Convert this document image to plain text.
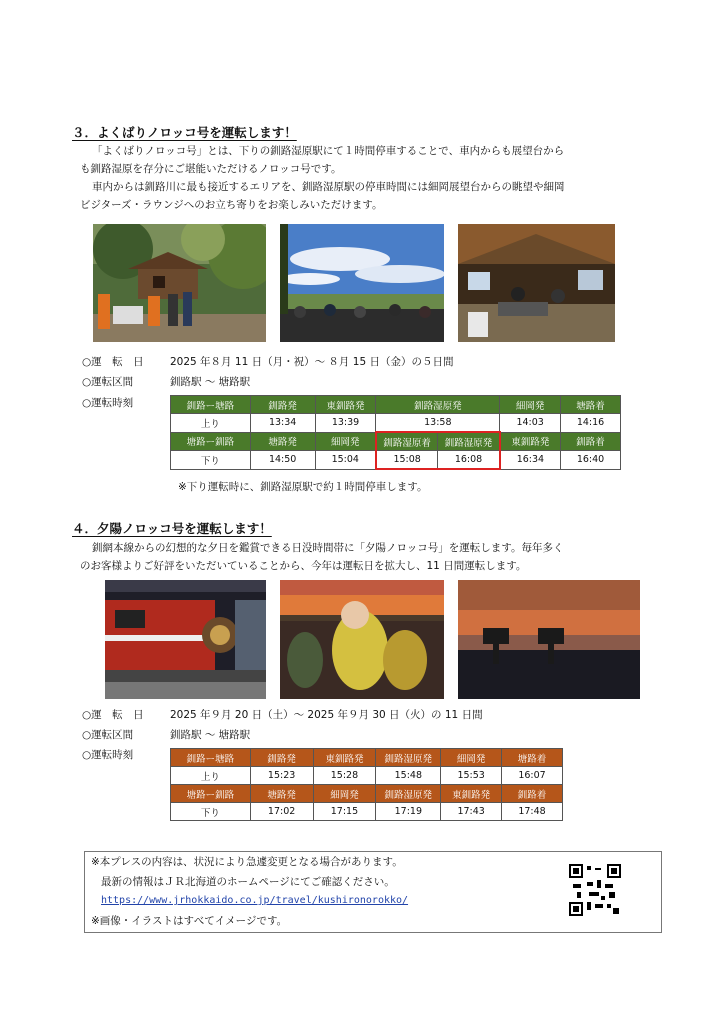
３．よくばりノロッコ号を運転します！
「よくばりノロッコ号」とは、下りの釧路湿原駅にて１時間停車することで、車内からも展望台から
も釧路湿原を存分にご堪能いただけるノロッコ号です。
車内からは釧路川に最も接近するエリアを、釧路湿原駅の停車時間には細岡展望台からの眺望や細岡
ビジターズ・ラウンジへのお立ち寄りをお楽しみいただけます。
○運　転　日	2025 年８月 11 日（月・祝）～ ８月 15 日（金）の５日間
○運転区間	釧路駅 〜 塘路駅
○運転時刻	釧路ー塘路	釧路発	東釧路発	釧路湿原発		細岡発	塘路着
上り	13:34	13:39	13:58		14:03	14:16
塘路ー釧路	塘路発	細岡発	釧路湿原着	釧路湿原発	東釧路発	釧路着
下り	14:50	15:04	15:08	16:08	16:34	16:40
※下り運転時に、釧路湿原駅で約１時間停車します。
４．夕陽ノロッコ号を運転します！
釧網本線からの幻想的な夕日を鑑賞できる日没時間帯に「夕陽ノロッコ号」を運転します。毎年多く
のお客様よりご好評をいただいていることから、今年は運転日を拡大し、11 日間運転します。
○運　転　日	2025 年９月 20 日（土）～ 2025 年９月 30 日（火）の 11 日間
○運転区間	釧路駅 〜 塘路駅
○運転時刻	釧路ー塘路	釧路発	東釧路発	釧路湿原発	細岡発	塘路着
上り	15:23	15:28	15:48	15:53	16:07
塘路ー釧路	塘路発	細岡発	釧路湿原発	東釧路発	釧路着
下り	17:02	17:15	17:19	17:43	17:48
※本プレスの内容は、状況により急遽変更となる場合があります。
最新の情報はＪＲ北海道のホームページにてご確認ください。
https://www.jrhokkaido.co.jp/travel/kushironorokko/
※画像・イラストはすべてイメージです。
